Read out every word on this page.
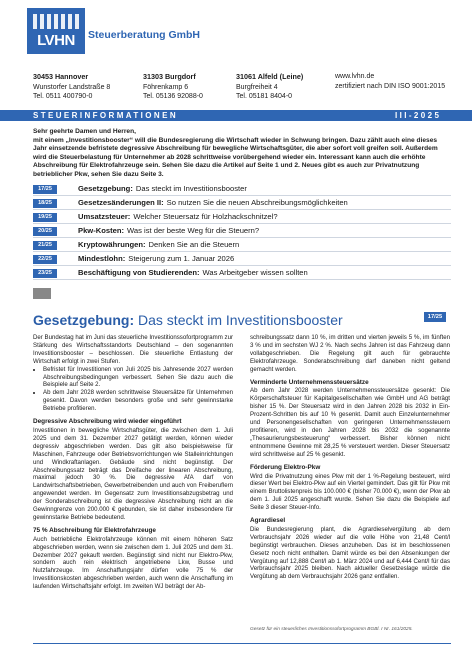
LVHN	Steuerberatung GmbH
30453 Hannover
Wunstorfer Landstraße 8
Tel. 0511 400790-0
31303 Burgdorf
Föhrenkamp 6
Tel. 05136 92088-0
31061 Alfeld (Leine)
Burgfreiheit 4
Tel. 05181 8404-0
www.lvhn.de
zertifiziert nach DIN ISO 9001:2015
STEUERINFORMATIONEN	III-2025
Sehr geehrte Damen und Herren,
mit einem „Investitionsbooster“ will die Bundesregierung die Wirtschaft wieder in Schwung bringen. Dazu zählt auch eine dieses Jahr einsetzende befristete degressive Abschreibung für bewegliche Wirtschaftsgüter, die aber sofort voll greifen soll. Außerdem wird die Steuerbelastung für Unternehmer ab 2028 schrittweise vorübergehend wieder ein. Interessant kann auch die erhöhte Abschreibung für Elektrofahrzeuge sein. Sehen Sie dazu die Artikel auf Seite 1 und 2. Neues gibt es auch zur Privatnutzung betrieblicher Pkw, sehen Sie dazu Seite 3.
17/25	Gesetzgebung: Das steckt im Investitionsbooster
18/25	Gesetzesänderungen II: So nutzen Sie die neuen Abschreibungsmöglichkeiten
19/25	Umsatzsteuer: Welcher Steuersatz für Holzhackschnitzel?
20/25	Pkw-Kosten: Was ist der beste Weg für die Steuern?
21/25	Kryptowährungen: Denken Sie an die Steuern
22/25	Mindestlohn: Steigerung zum 1. Januar 2026
23/25	Beschäftigung von Studierenden: Was Arbeitgeber wissen sollten
Gesetzgebung: Das steckt im Investitionsbooster	17/25

Der Bundestag hat im Juni das steuerliche Investitionssofortprogramm zur Stärkung des Wirtschaftsstandorts Deutschland – den sogenannten Investitionsbooster – beschlossen. Die steuerliche Entlastung der Wirtschaft erfolgt in zwei Stufen.

• Befristet für Investitionen von Juli 2025 bis Jahresende 2027 werden Abschreibungsbedingungen verbessert. Sehen Sie dazu auch die Beispiele auf Seite 2.
• Ab dem Jahr 2028 werden schrittweise Steuersätze für Unternehmen gesenkt. Davon werden besonders große und sehr gewinnstarke Betriebe profitieren.
Degressive Abschreibung wird wieder eingeführt

Investitionen in bewegliche Wirtschaftsgüter, die zwischen dem 1. Juli 2025 und dem 31. Dezember 2027 getätigt werden, können wieder degressiv abgeschrieben werden. Das gilt also beispielsweise für Maschinen, Fahrzeuge oder Betriebsvorrichtungen wie Stalleinrichtungen und Windkraftanlagen. Gebäude sind nicht begünstigt. Der Abschreibungssatz beträgt das Dreifache der linearen Abschreibung, maximal jedoch 30 %. Die degressive AfA darf von Landwirtschaftsbetrieben, Gewerbetreibenden und auch von Freiberuflern angewendet werden. Im Gegensatz zum Investitionsabzugsbetrag und der Sonderabschreibung ist die degressive Abschreibung nicht an die Gewinngrenze von 200.000 € gebunden, sie ist daher insbesondere für gewinnstarke Betriebe bedeutend.

75 % Abschreibung für Elektrofahrzeuge

Auch betriebliche Elektrofahrzeuge können mit einem höheren Satz abgeschrieben werden, wenn sie zwischen dem 1. Juli 2025 und dem 31. Dezember 2027 gekauft werden. Begünstigt sind nicht nur Elektro-Pkw, sondern auch rein elektrisch angetriebene Lkw, Busse und Nutzfahrzeuge. Im Anschaffungsjahr dürfen volle 75 % der Investitionskosten abgeschrieben werden, auch wenn die Anschaffung im laufenden Wirtschaftsjahr erfolgt. Im zweiten WJ beträgt der Ab-

schreibungssatz dann 10 %, im dritten und vierten jeweils 5 %, im fünften 3 % und im sechsten WJ 2 %. Nach sechs Jahren ist das Fahrzeug dann vollabgeschrieben. Die Regelung gilt auch für gebrauchte Elektrofahrzeuge. Sonderabschreibung darf daneben nicht geltend gemacht werden.

Verminderte Unternehmenssteuersätze

Ab dem Jahr 2028 werden Unternehmenssteuersätze gesenkt: Die Körperschaftsteuer für Kapitalgesellschaften wie GmbH und AG beträgt bisher 15 %. Der Steuersatz wird in den Jahren 2028 bis 2032 in Ein-Prozent-Schritten bis auf 10 % gesenkt. Damit auch Einzelunternehmer und Personengesellschaften von geringeren Unternehmenssteuern profitieren, wird in den Jahren 2028 bis 2032 die sogenannte „Thesaurierungsbesteuerung“ verbessert. Bisher können nicht entnommene Gewinne mit 28,25 % versteuert werden. Dieser Steuersatz wird schrittweise auf 25 % gesenkt.

Förderung Elektro-Pkw

Wird die Privatnutzung eines Pkw mit der 1 %-Regelung besteuert, wird dieser Wert bei Elektro-Pkw auf ein Viertel gemindert. Das gilt für Pkw mit einem Bruttolistenpreis bis 100.000 € (bisher 70.000 €), wenn der Pkw ab dem 1. Juli 2025 angeschafft wurde. Sehen Sie dazu die Beispiele auf Seite 3 dieser Steuer-Info.

Agrardiesel

Die Bundesregierung plant, die Agrardieselvergütung ab dem Verbrauchsjahr 2026 wieder auf die volle Höhe von 21,48 Cent/l begünstigt verbrauchen. Dieses anzuheben. Das ist im beschlossenen Gesetz noch nicht enthalten. Damit würde es bei den Absenkungen der Vergütung auf 12,888 Cent/l ab 1. März 2024 und auf 6,444 Cent/l für das Verbrauchsjahr 2025 bleiben. Nach aktueller Gesetzeslage würde die Vergütung ab dem Verbrauchsjahr 2026 ganz entfallen.

Gesetz für ein steuerliches Investitionssofortprogramm BGBl. I Nr. 161/2025.
